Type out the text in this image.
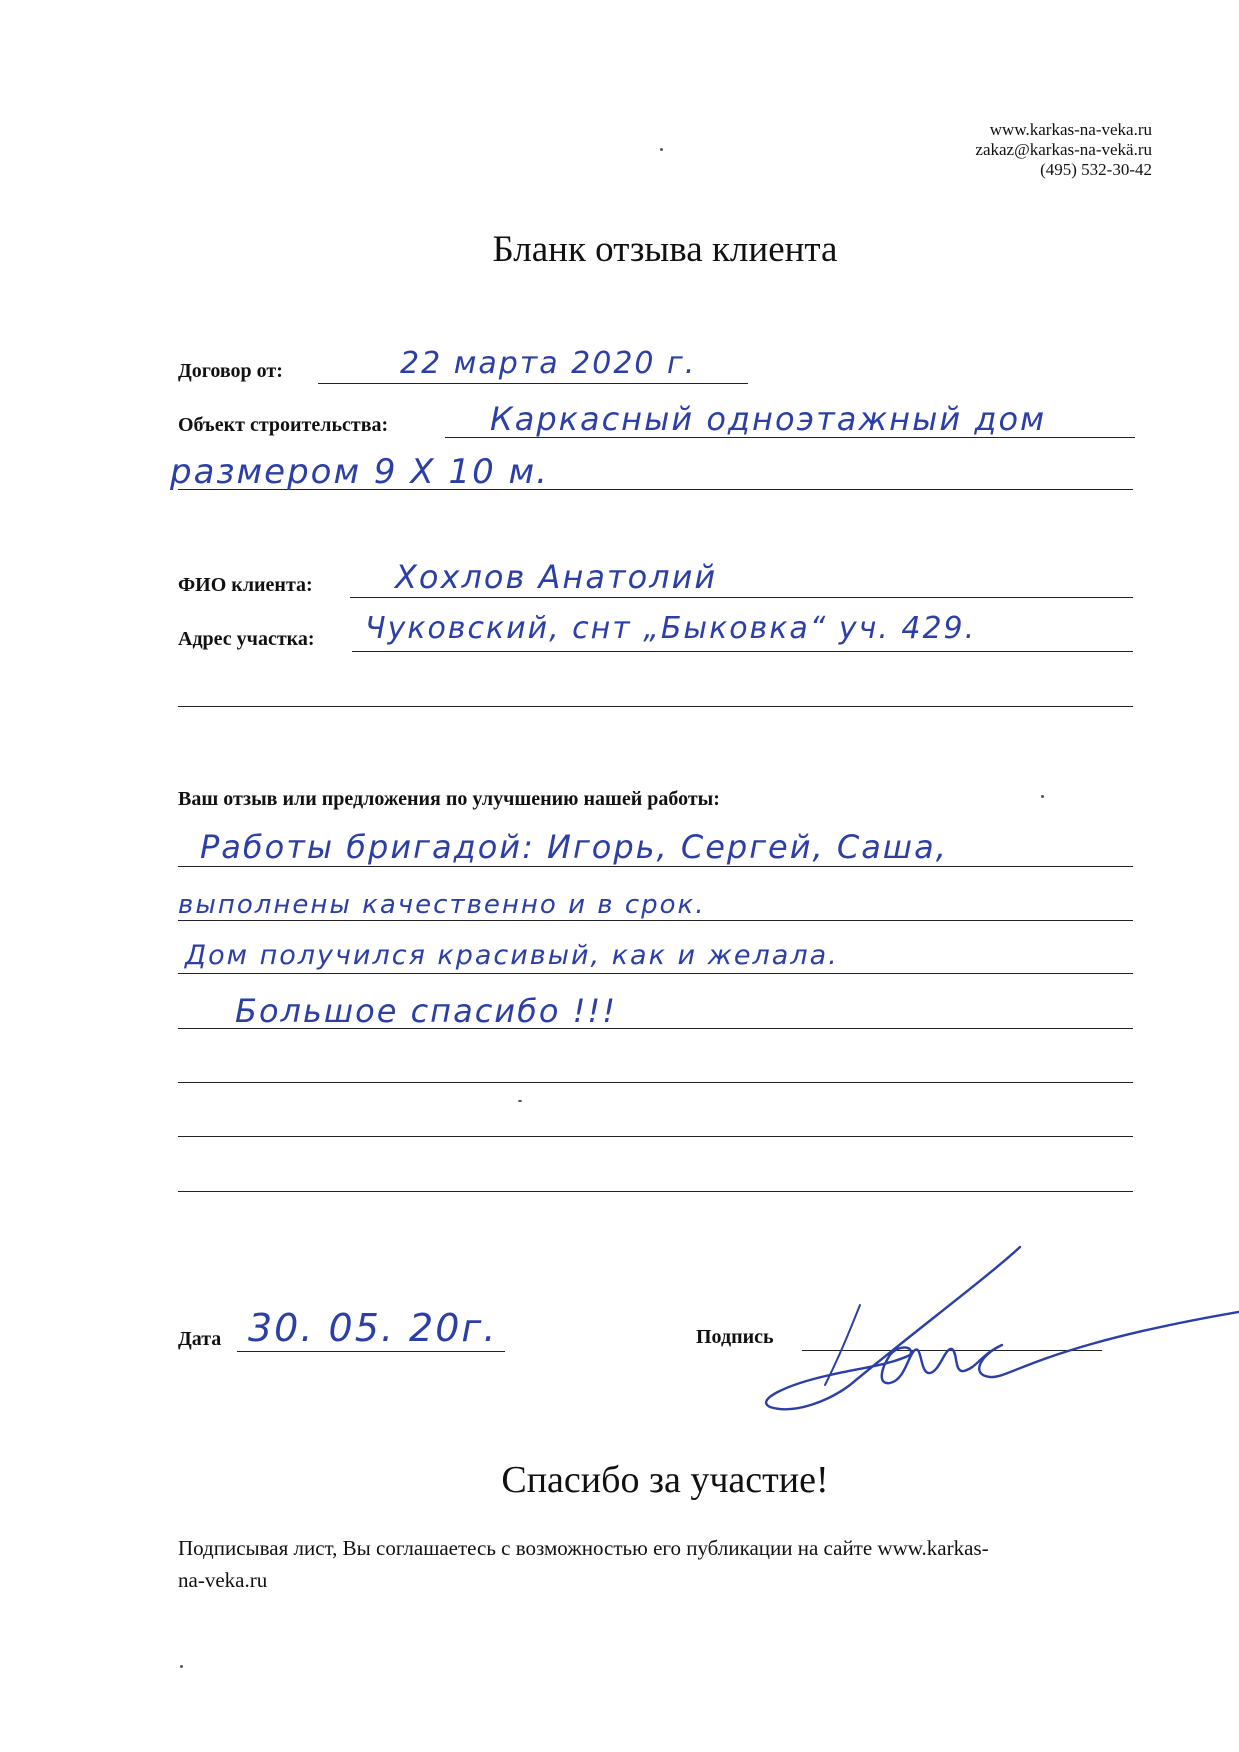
www.karkas-na-veka.ru
zakaz@karkas-na-vekä.ru
(495) 532-30-42
Бланк отзыва клиента
Договор от:	22 марта 2020 г.
Объект строительства:	Каркасный одноэтажный дом
размером 9 X 10 м.
ФИО клиента:	Хохлов Анатолий
Адрес участка: Чуковский, снт „Быковка“ уч. 429.
Ваш отзыв или предложения по улучшению нашей работы:
Работы бригадой: Игорь, Сергей, Саша,
выполнены качественно и в срок.
Дом получился красивый, как и желала.
Большое спасибо !!!
Дата 30. 05. 20г.	Подпись
Спасибо за участие!
Подписывая лист, Вы соглашаетесь с возможностью его публикации на сайте www.karkas-
na-veka.ru
